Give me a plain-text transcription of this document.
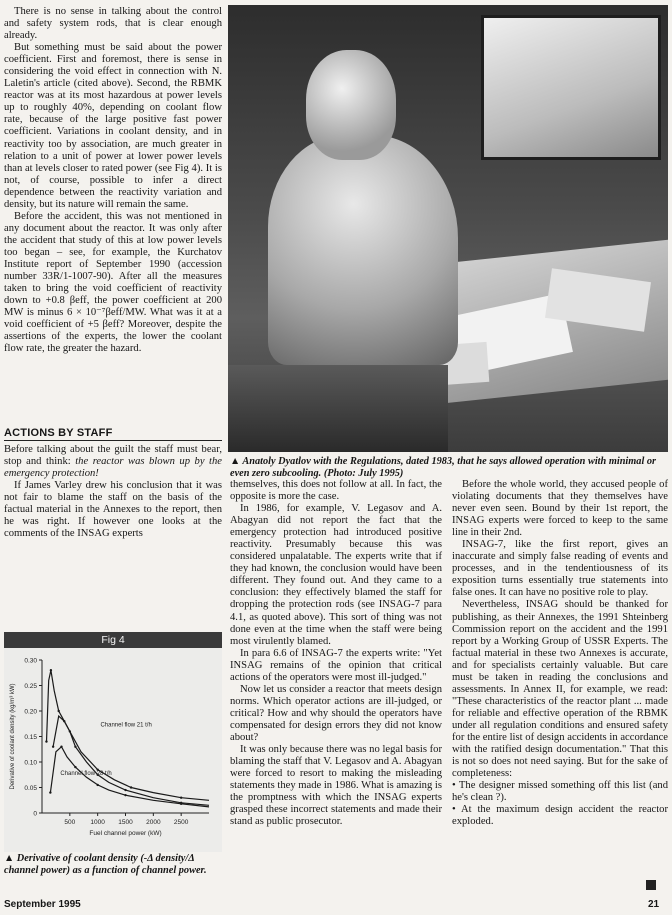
There is no sense in talking about the control and safety system rods, that is clear enough already.

But something must be said about the power coefficient. First and foremost, there is sense in considering the void effect in connection with N. Laletin's article (cited above). Second, the RBMK reactor was at its most hazardous at power levels up to roughly 40%, depending on coolant flow rate, because of the large positive fast power coefficient. Variations in coolant density, and in reactivity too by association, are much greater in relation to a unit of power at lower power levels than at levels closer to rated power (see Fig 4). It is not, of course, possible to infer a direct dependence between the reactivity variation and density, but its nature will remain the same.

Before the accident, this was not mentioned in any document about the reactor. It was only after the accident that study of this at low power levels too began – see, for example, the Kurchatov Institute report of September 1990 (accession number 33R/1-1007-90). After all the measures taken to bring the void coefficient of reactivity down to +0.8 βeff, the power coefficient at 200 MW is minus 6 × 10⁻⁷βeff/MW. What was it at a void coefficient of +5 βeff? Moreover, despite the assertions of the experts, the lower the coolant flow rate, the greater the hazard.

ACTIONS BY STAFF

Before talking about the guilt the staff must bear, stop and think: the reactor was blown up by the emergency protection!

If James Varley drew his conclusion that it was not fair to blame the staff on the basis of the factual material in the Annexes to the report, then he was right. If however one looks at the comments of the INSAG experts

▲ Anatoly Dyatlov with the Regulations, dated 1983, that he says allowed operation with minimal or even zero subcooling. (Photo: July 1995)

themselves, this does not follow at all. In fact, the opposite is more the case.

In 1986, for example, V. Legasov and A. Abagyan did not report the fact that the emergency protection had introduced positive reactivity. Presumably because this was considered unpalatable. The experts write that if they had known, the conclusion would have been different. They found out. And they came to a conclusion: they effectively blamed the staff for dropping the protection rods (see INSAG-7 para 4.1, as quoted above). This sort of thing was not done even at the time when the staff were being most virulently blamed.

In para 6.6 of INSAG-7 the experts write: "Yet INSAG remains of the opinion that critical actions of the operators were most ill-judged."

Now let us consider a reactor that meets design norms. Which operator actions are ill-judged, or critical? How and why should the operators have compensated for design errors they did not know about?

It was only because there was no legal basis for blaming the staff that V. Legasov and A. Abagyan were forced to resort to making the misleading statements they made in 1986. What is amazing is the promptness with which the INSAG experts grasped these incorrect statements and made their stand as public prosecutor.

Before the whole world, they accused people of violating documents that they themselves have never even seen. Bound by their 1st report, the INSAG experts were forced to keep to the same line in their 2nd.

INSAG-7, like the first report, gives an inaccurate and simply false reading of events and processes, and in the tendentiousness of its exposition turns essentially true statements into false ones. It can have no positive role to play.

Nevertheless, INSAG should be thanked for publishing, as their Annexes, the 1991 Shteinberg Commission report on the accident and the 1991 report by a Working Group of USSR Experts. The factual material in these two Annexes is accurate, and for specialists certainly valuable. But care must be taken in reading the conclusions and assessments. In Annex II, for example, we read: "These characteristics of the reactor plant ... made for reliable and effective operation of the RBMK under all regulation conditions and ensured safety for the entire list of design accidents in accordance with the ratified design documentation." That this is not so does not need saying. But for the sake of completeness:

• The designer missed something off this list (and he's clean ?).

• At the maximum design accident the reactor exploded.

Fig 4
0.30
0.25
0.20
0.15
0.10
0.05
0
500 1000 1500 2000 2500
Fuel channel power (kW)
Derivative of coolant density (kg/m³ kW)	Channel flow 21 t/h
Channel flow 28 t/h
▲ Derivative of coolant density (-Δ density/Δ channel power) as a function of channel power.
September 1995	21
